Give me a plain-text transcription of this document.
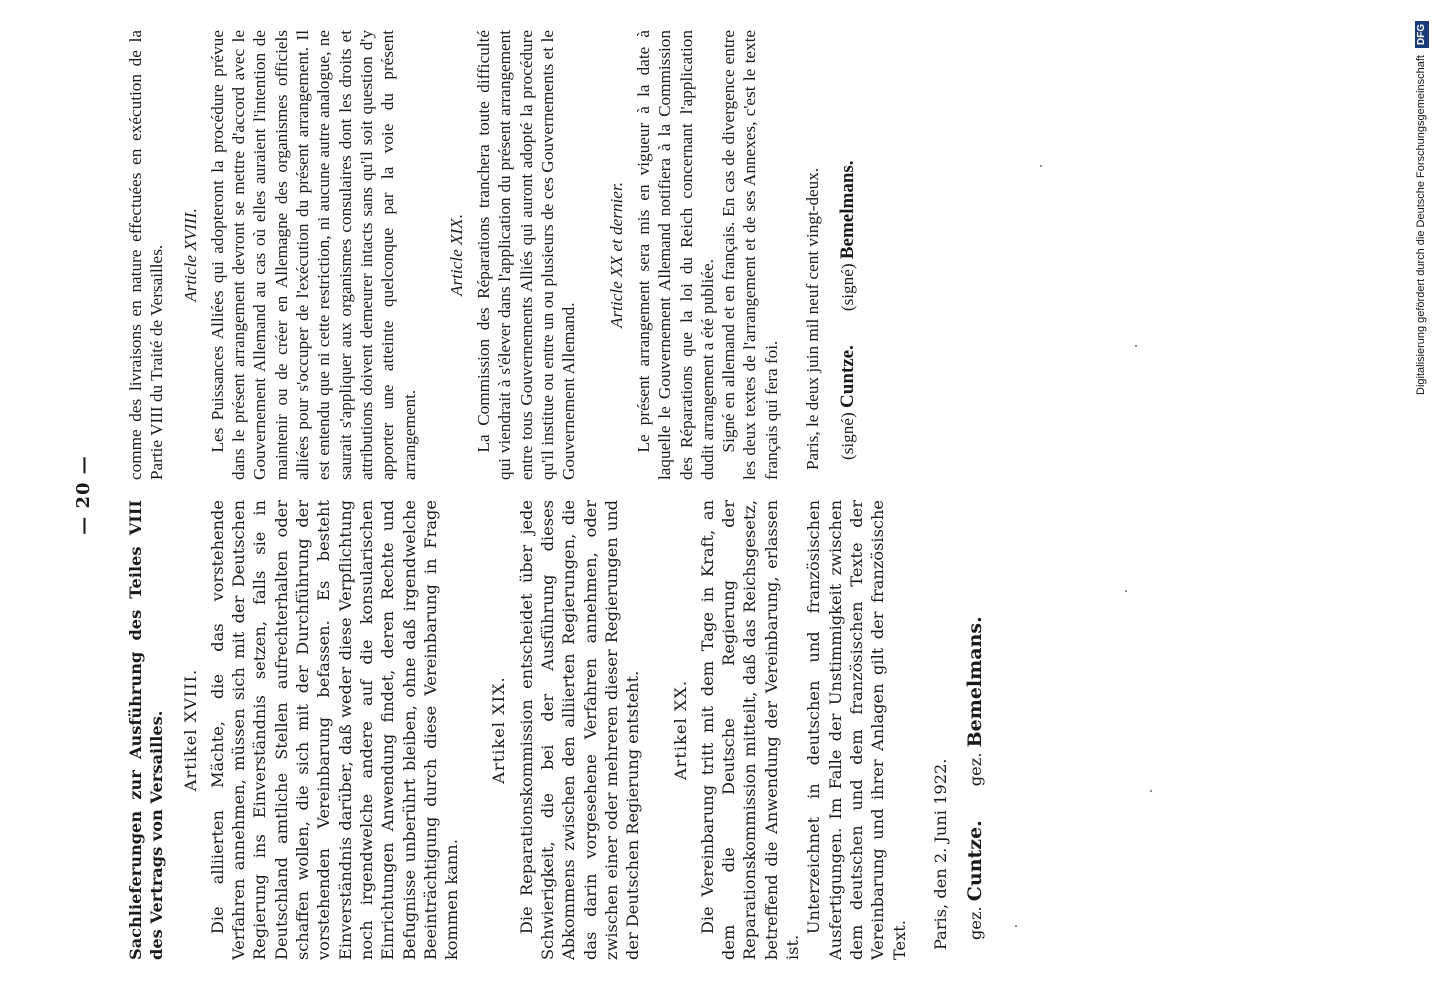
— 20 —

Sachlieferungen zur Ausführung des Teiles VIII des Vertrags von Versailles. Artikel XVIII. Die alliierten Mächte, die das vorstehende Verfahren annehmen, müssen sich mit der Deutschen Regierung ins Einverständnis setzen, falls sie in Deutschland amtliche Stellen aufrechterhalten oder schaffen wollen, die sich mit der Durchführung der vorstehenden Vereinbarung befassen. Es besteht Einverständnis darüber, daß weder diese Verpflichtung noch irgendwelche andere auf die konsularischen Einrichtungen Anwendung findet, deren Rechte und Befugnisse unberührt bleiben, ohne daß irgendwelche Beeinträchtigung durch diese Vereinbarung in Frage kommen kann.

Artikel XIX. Die Reparationskommission entscheidet über jede Schwierigkeit, die bei der Ausführung dieses Abkommens zwischen den alliierten Regierungen, die das darin vorgesehene Verfahren annehmen, oder zwischen einer oder mehreren dieser Regierungen und der Deutschen Regierung entsteht. Artikel XX. Die Vereinbarung tritt mit dem Tage in Kraft, an dem die Deutsche Regierung der Reparationskommission mitteilt, daß das Reichsgesetz, betreffend die Anwendung der Vereinbarung, erlassen ist.

Unterzeichnet in deutschen und französischen Ausfertigungen. Im Falle der Unstimmigkeit zwischen dem deutschen und dem französischen Texte der Vereinbarung und ihrer Anlagen gilt der französische Text. Paris, den 2. Juni 1922. gez. Cuntze.
gez. Bemelmans.

comme des livraisons en nature effectuées en exécution de la Partie VIII du Traité de Versailles. Article XVIII. Les Puissances Alliées qui adopteront la procédure prévue dans le présent arrangement devront se mettre d'accord avec le Gouvernement Allemand au cas où elles auraient l'intention de maintenir ou de créer en Allemagne des organismes officiels alliées pour s'occuper de l'exécution du présent arrangement. Il est entendu que ni cette restriction, ni aucune autre analogue, ne saurait s'appliquer aux organismes consulaires dont les droits et attributions doivent demeurer intacts sans qu'il soit question d'y apporter une atteinte quelconque par la voie du présent arrangement.

Article XIX. La Commission des Réparations tranchera toute difficulté qui viendrait à s'élever dans l'application du présent arrangement entre tous Gouvernements Alliés qui auront adopté la procédure qu'il institue ou entre un ou plusieurs de ces Gouvernements et le Gouvernement Allemand.

Article XX et dernier. Le présent arrangement sera mis en vigueur à la date à laquelle le Gouvernement Allemand notifiera à la Commission des Réparations que la loi du Reich concernant l'application dudit arrangement a été publiée. Signé en allemand et en français. En cas de divergence entre les deux textes de l'arrangement et de ses Annexes, c'est le texte français qui fera foi. Paris, le deux juin mil neuf cent vingt-deux. (signé) Cuntze.
(signé) Bemelmans.	Digitalisierung gefördert durch die Deutsche Forschungsgemeinschaft DFG
